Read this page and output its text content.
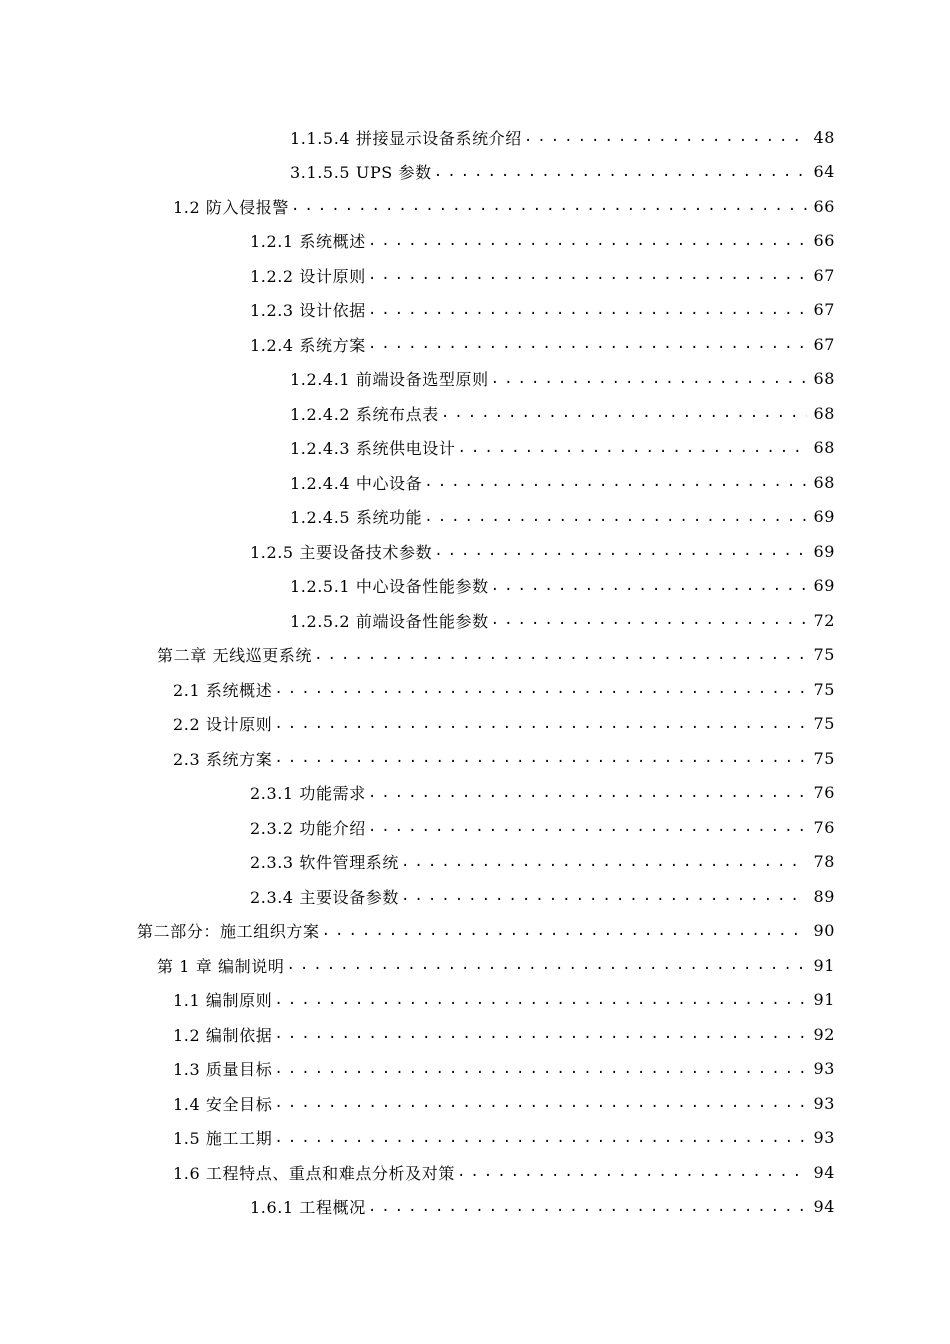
1.1.5.4 拼接显示设备系统介绍 .....	48
3.1.5.5 UPS 参数 .....	64
1.2 防入侵报警 .....	66
1.2.1 系统概述 .....	66
1.2.2 设计原则 .....	67
1.2.3 设计依据 .....	67
1.2.4 系统方案 .....	67
1.2.4.1 前端设备选型原则 .....	68
1.2.4.2 系统布点表 .....	68
1.2.4.3 系统供电设计 .....	68
1.2.4.4 中心设备 .....	68
1.2.4.5 系统功能 .....	69
1.2.5 主要设备技术参数 .....	69
1.2.5.1 中心设备性能参数 .....	69
1.2.5.2 前端设备性能参数 .....	72
第二章 无线巡更系统 .....	75
2.1 系统概述 .....	75
2.2 设计原则 .....	75
2.3 系统方案 .....	75
2.3.1 功能需求 .....	76
2.3.2 功能介绍 .....	76
2.3.3 软件管理系统 .....	78
2.3.4 主要设备参数 .....	89
第二部分：施工组织方案 .....	90
第 1 章 编制说明 .....	91
1.1 编制原则 .....	91
1.2 编制依据 .....	92
1.3 质量目标 .....	93
1.4 安全目标 .....	93
1.5 施工工期 .....	93
1.6 工程特点、重点和难点分析及对策 .....	94
1.6.1 工程概况 .....	94
